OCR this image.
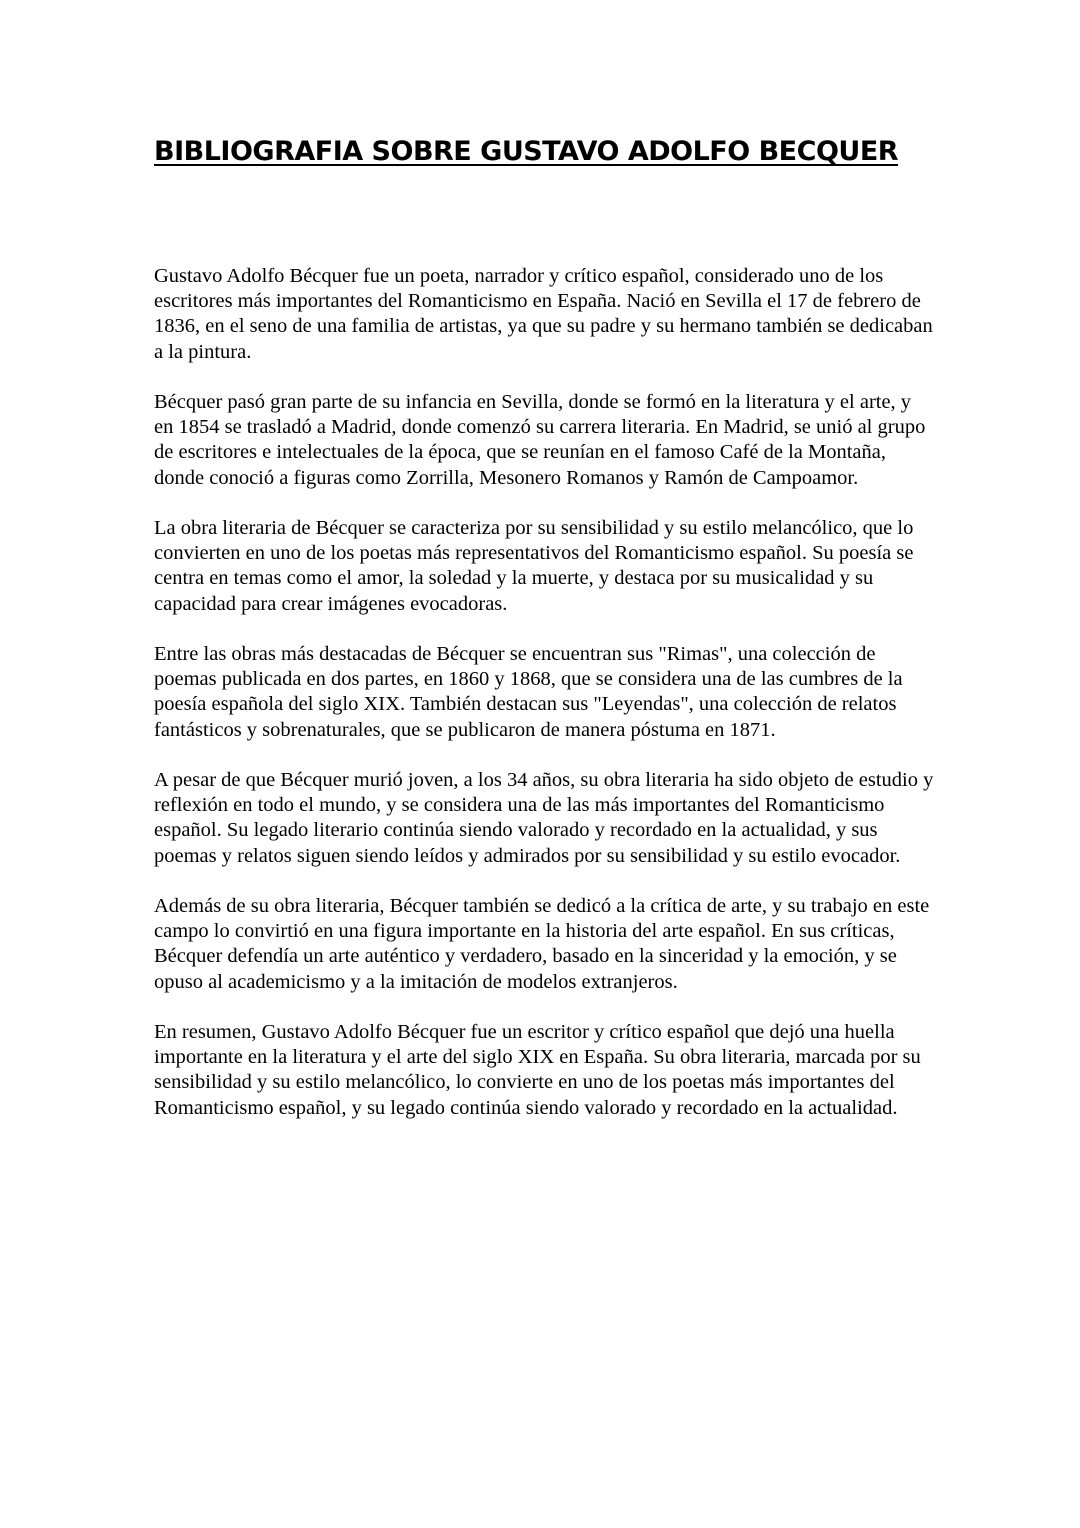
BIBLIOGRAFIA SOBRE GUSTAVO ADOLFO BECQUER

Gustavo Adolfo Bécquer fue un poeta, narrador y crítico español, considerado uno de los escritores más importantes del Romanticismo en España. Nació en Sevilla el 17 de febrero de 1836, en el seno de una familia de artistas, ya que su padre y su hermano también se dedicaban a la pintura.

Bécquer pasó gran parte de su infancia en Sevilla, donde se formó en la literatura y el arte, y en 1854 se trasladó a Madrid, donde comenzó su carrera literaria. En Madrid, se unió al grupo de escritores e intelectuales de la época, que se reunían en el famoso Café de la Montaña, donde conoció a figuras como Zorrilla, Mesonero Romanos y Ramón de Campoamor.

La obra literaria de Bécquer se caracteriza por su sensibilidad y su estilo melancólico, que lo convierten en uno de los poetas más representativos del Romanticismo español. Su poesía se centra en temas como el amor, la soledad y la muerte, y destaca por su musicalidad y su capacidad para crear imágenes evocadoras.

Entre las obras más destacadas de Bécquer se encuentran sus "Rimas", una colección de poemas publicada en dos partes, en 1860 y 1868, que se considera una de las cumbres de la poesía española del siglo XIX. También destacan sus "Leyendas", una colección de relatos fantásticos y sobrenaturales, que se publicaron de manera póstuma en 1871.

A pesar de que Bécquer murió joven, a los 34 años, su obra literaria ha sido objeto de estudio y reflexión en todo el mundo, y se considera una de las más importantes del Romanticismo español. Su legado literario continúa siendo valorado y recordado en la actualidad, y sus poemas y relatos siguen siendo leídos y admirados por su sensibilidad y su estilo evocador.

Además de su obra literaria, Bécquer también se dedicó a la crítica de arte, y su trabajo en este campo lo convirtió en una figura importante en la historia del arte español. En sus críticas, Bécquer defendía un arte auténtico y verdadero, basado en la sinceridad y la emoción, y se opuso al academicismo y a la imitación de modelos extranjeros.

En resumen, Gustavo Adolfo Bécquer fue un escritor y crítico español que dejó una huella importante en la literatura y el arte del siglo XIX en España. Su obra literaria, marcada por su sensibilidad y su estilo melancólico, lo convierte en uno de los poetas más importantes del Romanticismo español, y su legado continúa siendo valorado y recordado en la actualidad.
